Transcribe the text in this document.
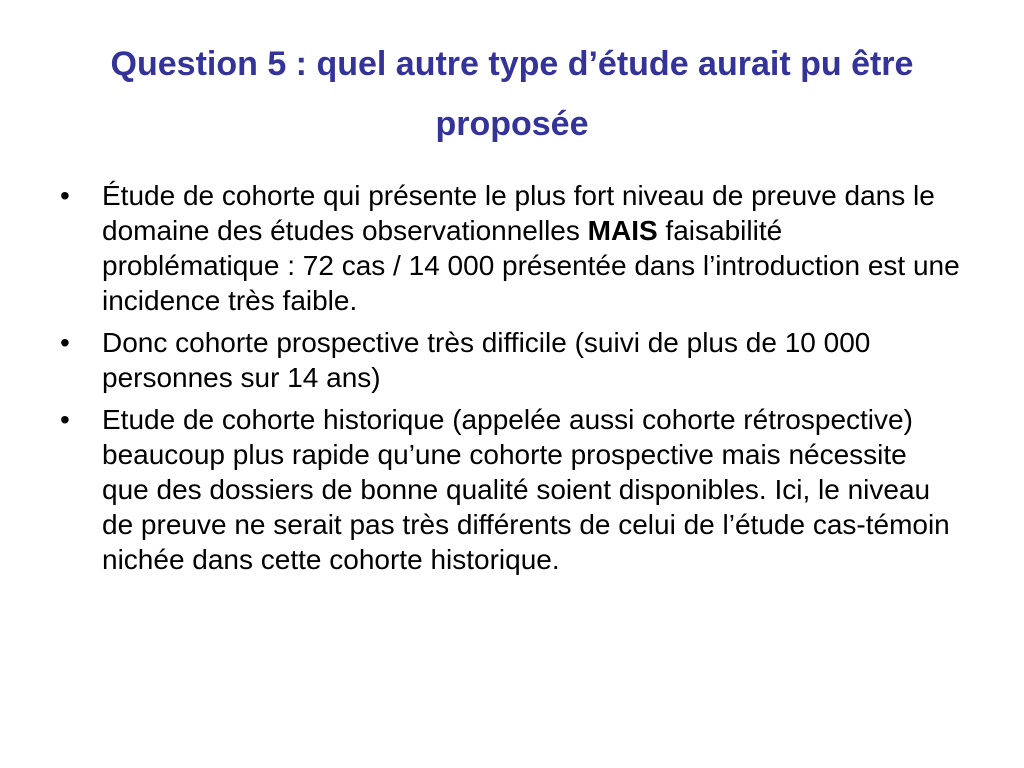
Question 5 : quel autre type d’étude aurait pu être proposée
•	Étude de cohorte qui présente le plus fort niveau de preuve dans le domaine des études observationnelles MAIS faisabilité problématique : 72 cas / 14 000 présentée dans l’introduction est une incidence très faible.
•	Donc cohorte prospective très difficile (suivi de plus de 10 000 personnes sur 14 ans)
•	Etude de cohorte historique (appelée aussi cohorte rétrospective) beaucoup plus rapide qu’une cohorte prospective mais nécessite que des dossiers de bonne qualité soient disponibles. Ici, le niveau de preuve ne serait pas très différents de celui de l’étude cas-témoin nichée dans cette cohorte historique.
